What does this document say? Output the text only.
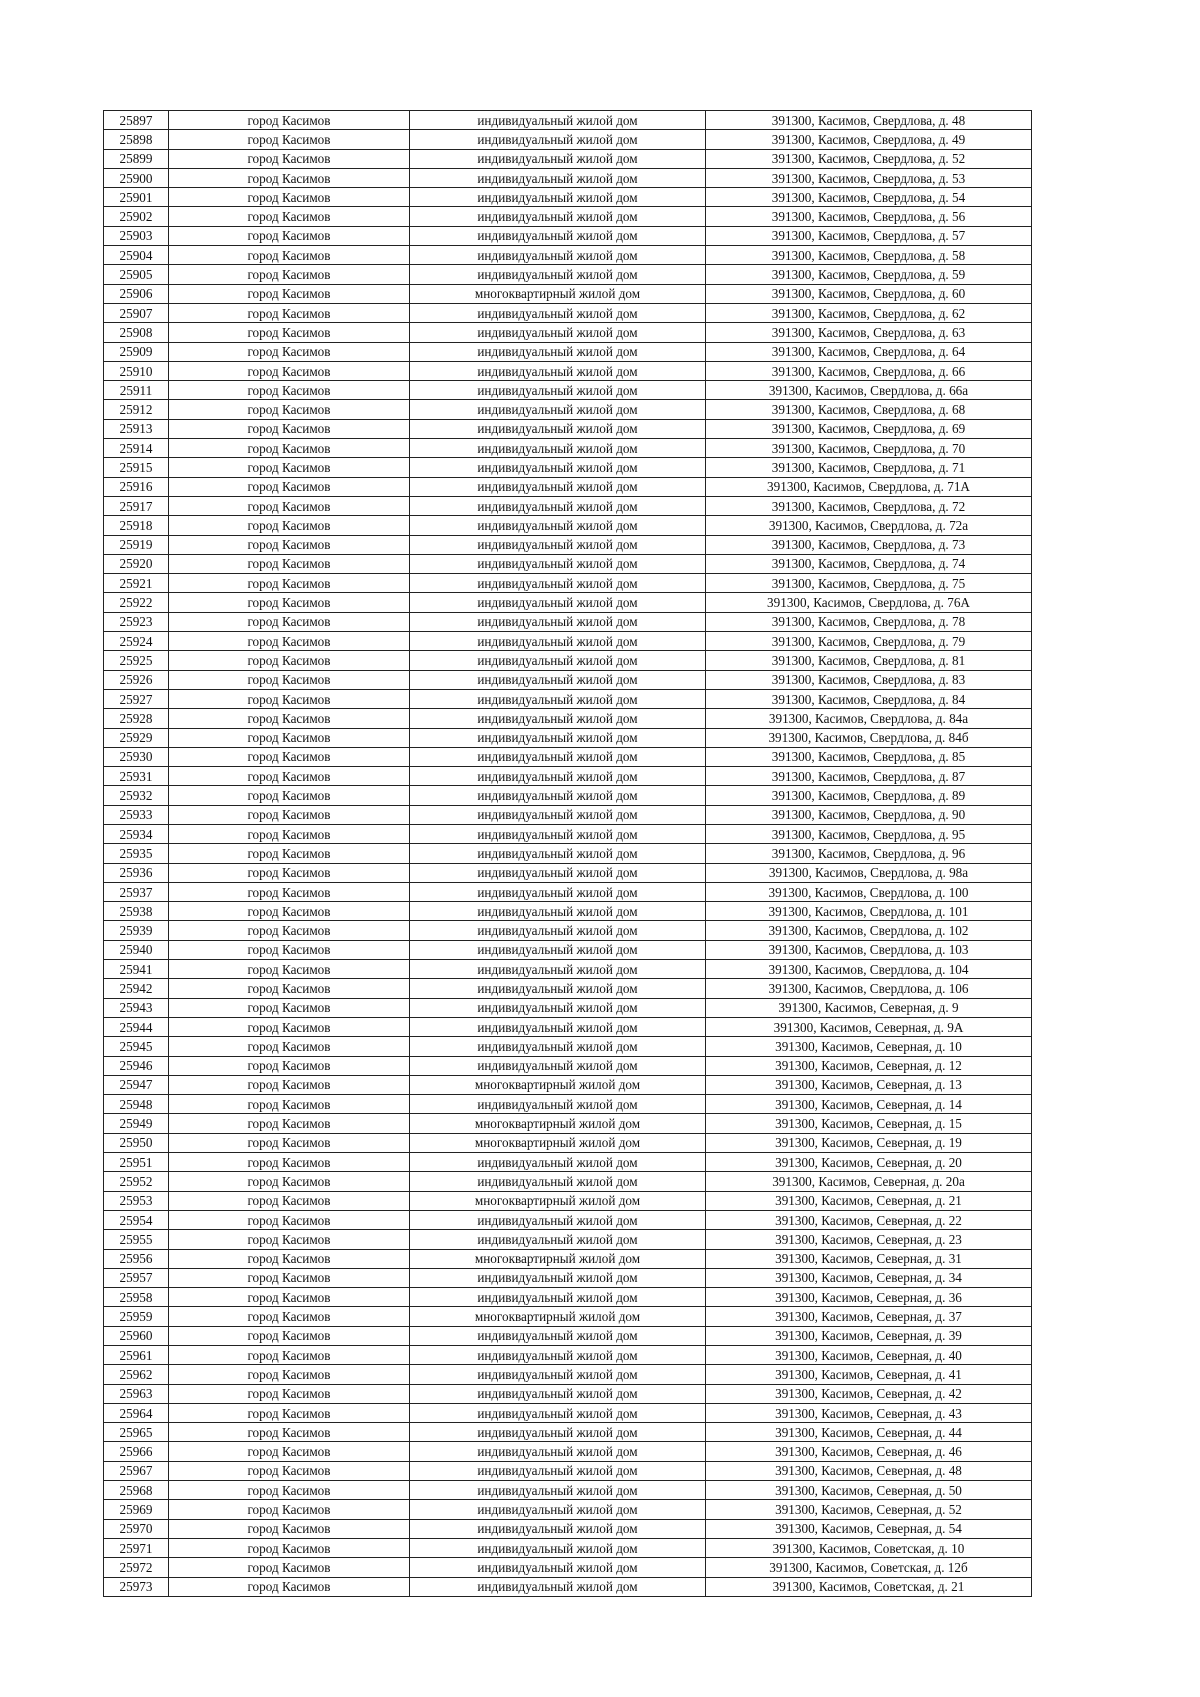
25897	город Касимов	индивидуальный жилой дом	391300, Касимов, Свердлова, д. 48
25898	город Касимов	индивидуальный жилой дом	391300, Касимов, Свердлова, д. 49
25899	город Касимов	индивидуальный жилой дом	391300, Касимов, Свердлова, д. 52
25900	город Касимов	индивидуальный жилой дом	391300, Касимов, Свердлова, д. 53
25901	город Касимов	индивидуальный жилой дом	391300, Касимов, Свердлова, д. 54
25902	город Касимов	индивидуальный жилой дом	391300, Касимов, Свердлова, д. 56
25903	город Касимов	индивидуальный жилой дом	391300, Касимов, Свердлова, д. 57
25904	город Касимов	индивидуальный жилой дом	391300, Касимов, Свердлова, д. 58
25905	город Касимов	индивидуальный жилой дом	391300, Касимов, Свердлова, д. 59
25906	город Касимов	многоквартирный жилой дом	391300, Касимов, Свердлова, д. 60
25907	город Касимов	индивидуальный жилой дом	391300, Касимов, Свердлова, д. 62
25908	город Касимов	индивидуальный жилой дом	391300, Касимов, Свердлова, д. 63
25909	город Касимов	индивидуальный жилой дом	391300, Касимов, Свердлова, д. 64
25910	город Касимов	индивидуальный жилой дом	391300, Касимов, Свердлова, д. 66
25911	город Касимов	индивидуальный жилой дом	391300, Касимов, Свердлова, д. 66а
25912	город Касимов	индивидуальный жилой дом	391300, Касимов, Свердлова, д. 68
25913	город Касимов	индивидуальный жилой дом	391300, Касимов, Свердлова, д. 69
25914	город Касимов	индивидуальный жилой дом	391300, Касимов, Свердлова, д. 70
25915	город Касимов	индивидуальный жилой дом	391300, Касимов, Свердлова, д. 71
25916	город Касимов	индивидуальный жилой дом	391300, Касимов, Свердлова, д. 71А
25917	город Касимов	индивидуальный жилой дом	391300, Касимов, Свердлова, д. 72
25918	город Касимов	индивидуальный жилой дом	391300, Касимов, Свердлова, д. 72а
25919	город Касимов	индивидуальный жилой дом	391300, Касимов, Свердлова, д. 73
25920	город Касимов	индивидуальный жилой дом	391300, Касимов, Свердлова, д. 74
25921	город Касимов	индивидуальный жилой дом	391300, Касимов, Свердлова, д. 75
25922	город Касимов	индивидуальный жилой дом	391300, Касимов, Свердлова, д. 76А
25923	город Касимов	индивидуальный жилой дом	391300, Касимов, Свердлова, д. 78
25924	город Касимов	индивидуальный жилой дом	391300, Касимов, Свердлова, д. 79
25925	город Касимов	индивидуальный жилой дом	391300, Касимов, Свердлова, д. 81
25926	город Касимов	индивидуальный жилой дом	391300, Касимов, Свердлова, д. 83
25927	город Касимов	индивидуальный жилой дом	391300, Касимов, Свердлова, д. 84
25928	город Касимов	индивидуальный жилой дом	391300, Касимов, Свердлова, д. 84а
25929	город Касимов	индивидуальный жилой дом	391300, Касимов, Свердлова, д. 84б
25930	город Касимов	индивидуальный жилой дом	391300, Касимов, Свердлова, д. 85
25931	город Касимов	индивидуальный жилой дом	391300, Касимов, Свердлова, д. 87
25932	город Касимов	индивидуальный жилой дом	391300, Касимов, Свердлова, д. 89
25933	город Касимов	индивидуальный жилой дом	391300, Касимов, Свердлова, д. 90
25934	город Касимов	индивидуальный жилой дом	391300, Касимов, Свердлова, д. 95
25935	город Касимов	индивидуальный жилой дом	391300, Касимов, Свердлова, д. 96
25936	город Касимов	индивидуальный жилой дом	391300, Касимов, Свердлова, д. 98а
25937	город Касимов	индивидуальный жилой дом	391300, Касимов, Свердлова, д. 100
25938	город Касимов	индивидуальный жилой дом	391300, Касимов, Свердлова, д. 101
25939	город Касимов	индивидуальный жилой дом	391300, Касимов, Свердлова, д. 102
25940	город Касимов	индивидуальный жилой дом	391300, Касимов, Свердлова, д. 103
25941	город Касимов	индивидуальный жилой дом	391300, Касимов, Свердлова, д. 104
25942	город Касимов	индивидуальный жилой дом	391300, Касимов, Свердлова, д. 106
25943	город Касимов	индивидуальный жилой дом	391300, Касимов, Северная, д. 9
25944	город Касимов	индивидуальный жилой дом	391300, Касимов, Северная, д. 9А
25945	город Касимов	индивидуальный жилой дом	391300, Касимов, Северная, д. 10
25946	город Касимов	индивидуальный жилой дом	391300, Касимов, Северная, д. 12
25947	город Касимов	многоквартирный жилой дом	391300, Касимов, Северная, д. 13
25948	город Касимов	индивидуальный жилой дом	391300, Касимов, Северная, д. 14
25949	город Касимов	многоквартирный жилой дом	391300, Касимов, Северная, д. 15
25950	город Касимов	многоквартирный жилой дом	391300, Касимов, Северная, д. 19
25951	город Касимов	индивидуальный жилой дом	391300, Касимов, Северная, д. 20
25952	город Касимов	индивидуальный жилой дом	391300, Касимов, Северная, д. 20а
25953	город Касимов	многоквартирный жилой дом	391300, Касимов, Северная, д. 21
25954	город Касимов	индивидуальный жилой дом	391300, Касимов, Северная, д. 22
25955	город Касимов	индивидуальный жилой дом	391300, Касимов, Северная, д. 23
25956	город Касимов	многоквартирный жилой дом	391300, Касимов, Северная, д. 31
25957	город Касимов	индивидуальный жилой дом	391300, Касимов, Северная, д. 34
25958	город Касимов	индивидуальный жилой дом	391300, Касимов, Северная, д. 36
25959	город Касимов	многоквартирный жилой дом	391300, Касимов, Северная, д. 37
25960	город Касимов	индивидуальный жилой дом	391300, Касимов, Северная, д. 39
25961	город Касимов	индивидуальный жилой дом	391300, Касимов, Северная, д. 40
25962	город Касимов	индивидуальный жилой дом	391300, Касимов, Северная, д. 41
25963	город Касимов	индивидуальный жилой дом	391300, Касимов, Северная, д. 42
25964	город Касимов	индивидуальный жилой дом	391300, Касимов, Северная, д. 43
25965	город Касимов	индивидуальный жилой дом	391300, Касимов, Северная, д. 44
25966	город Касимов	индивидуальный жилой дом	391300, Касимов, Северная, д. 46
25967	город Касимов	индивидуальный жилой дом	391300, Касимов, Северная, д. 48
25968	город Касимов	индивидуальный жилой дом	391300, Касимов, Северная, д. 50
25969	город Касимов	индивидуальный жилой дом	391300, Касимов, Северная, д. 52
25970	город Касимов	индивидуальный жилой дом	391300, Касимов, Северная, д. 54
25971	город Касимов	индивидуальный жилой дом	391300, Касимов, Советская, д. 10
25972	город Касимов	индивидуальный жилой дом	391300, Касимов, Советская, д. 12б
25973	город Касимов	индивидуальный жилой дом	391300, Касимов, Советская, д. 21
